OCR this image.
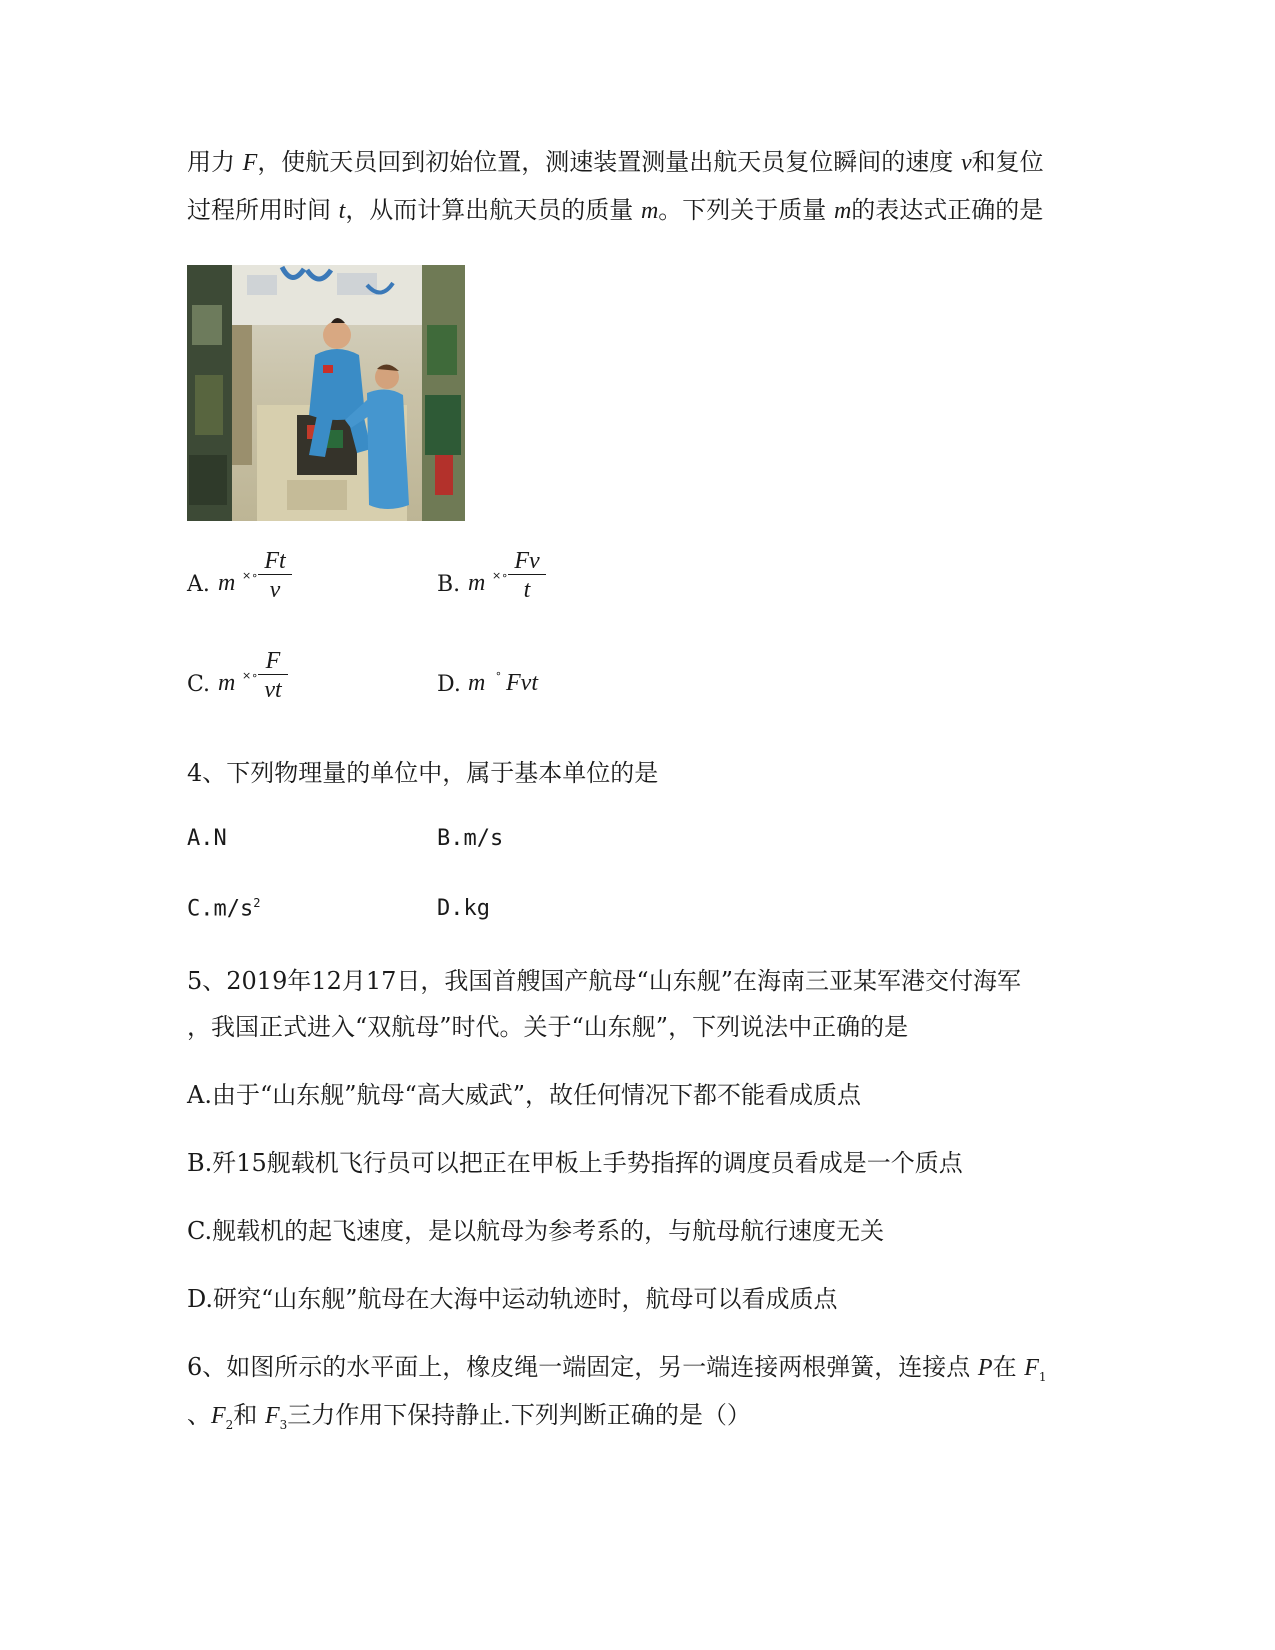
用力 F，使航天员回到初始位置，测速装置测量出航天员复位瞬间的速度 v和复位
过程所用时间 t，从而计算出航天员的质量 m。下列关于质量 m的表达式正确的是
A. m ×∘
Ft
v	B. m ×∘
Fv
t
C. m ×∘
F
vt	D. m ∘ Fvt
4、下列物理量的单位中，属于基本单位的是
A.N	B.m/s
$C.m/s^2$	D.kg
5、2019年12月17日，我国首艘国产航母“山东舰”在海南三亚某军港交付海军
，我国正式进入“双航母”时代。关于“山东舰”，下列说法中正确的是
A.由于“山东舰”航母“高大威武”，故任何情况下都不能看成质点
B.歼15舰载机飞行员可以把正在甲板上手势指挥的调度员看成是一个质点
C.舰载机的起飞速度，是以航母为参考系的，与航母航行速度无关
D.研究“山东舰”航母在大海中运动轨迹时，航母可以看成质点
6、如图所示的水平面上，橡皮绳一端固定，另一端连接两根弹簧，连接点 P在 $F_1$
、$F_2$和 $F_3$三力作用下保持静止.下列判断正确的是（）
